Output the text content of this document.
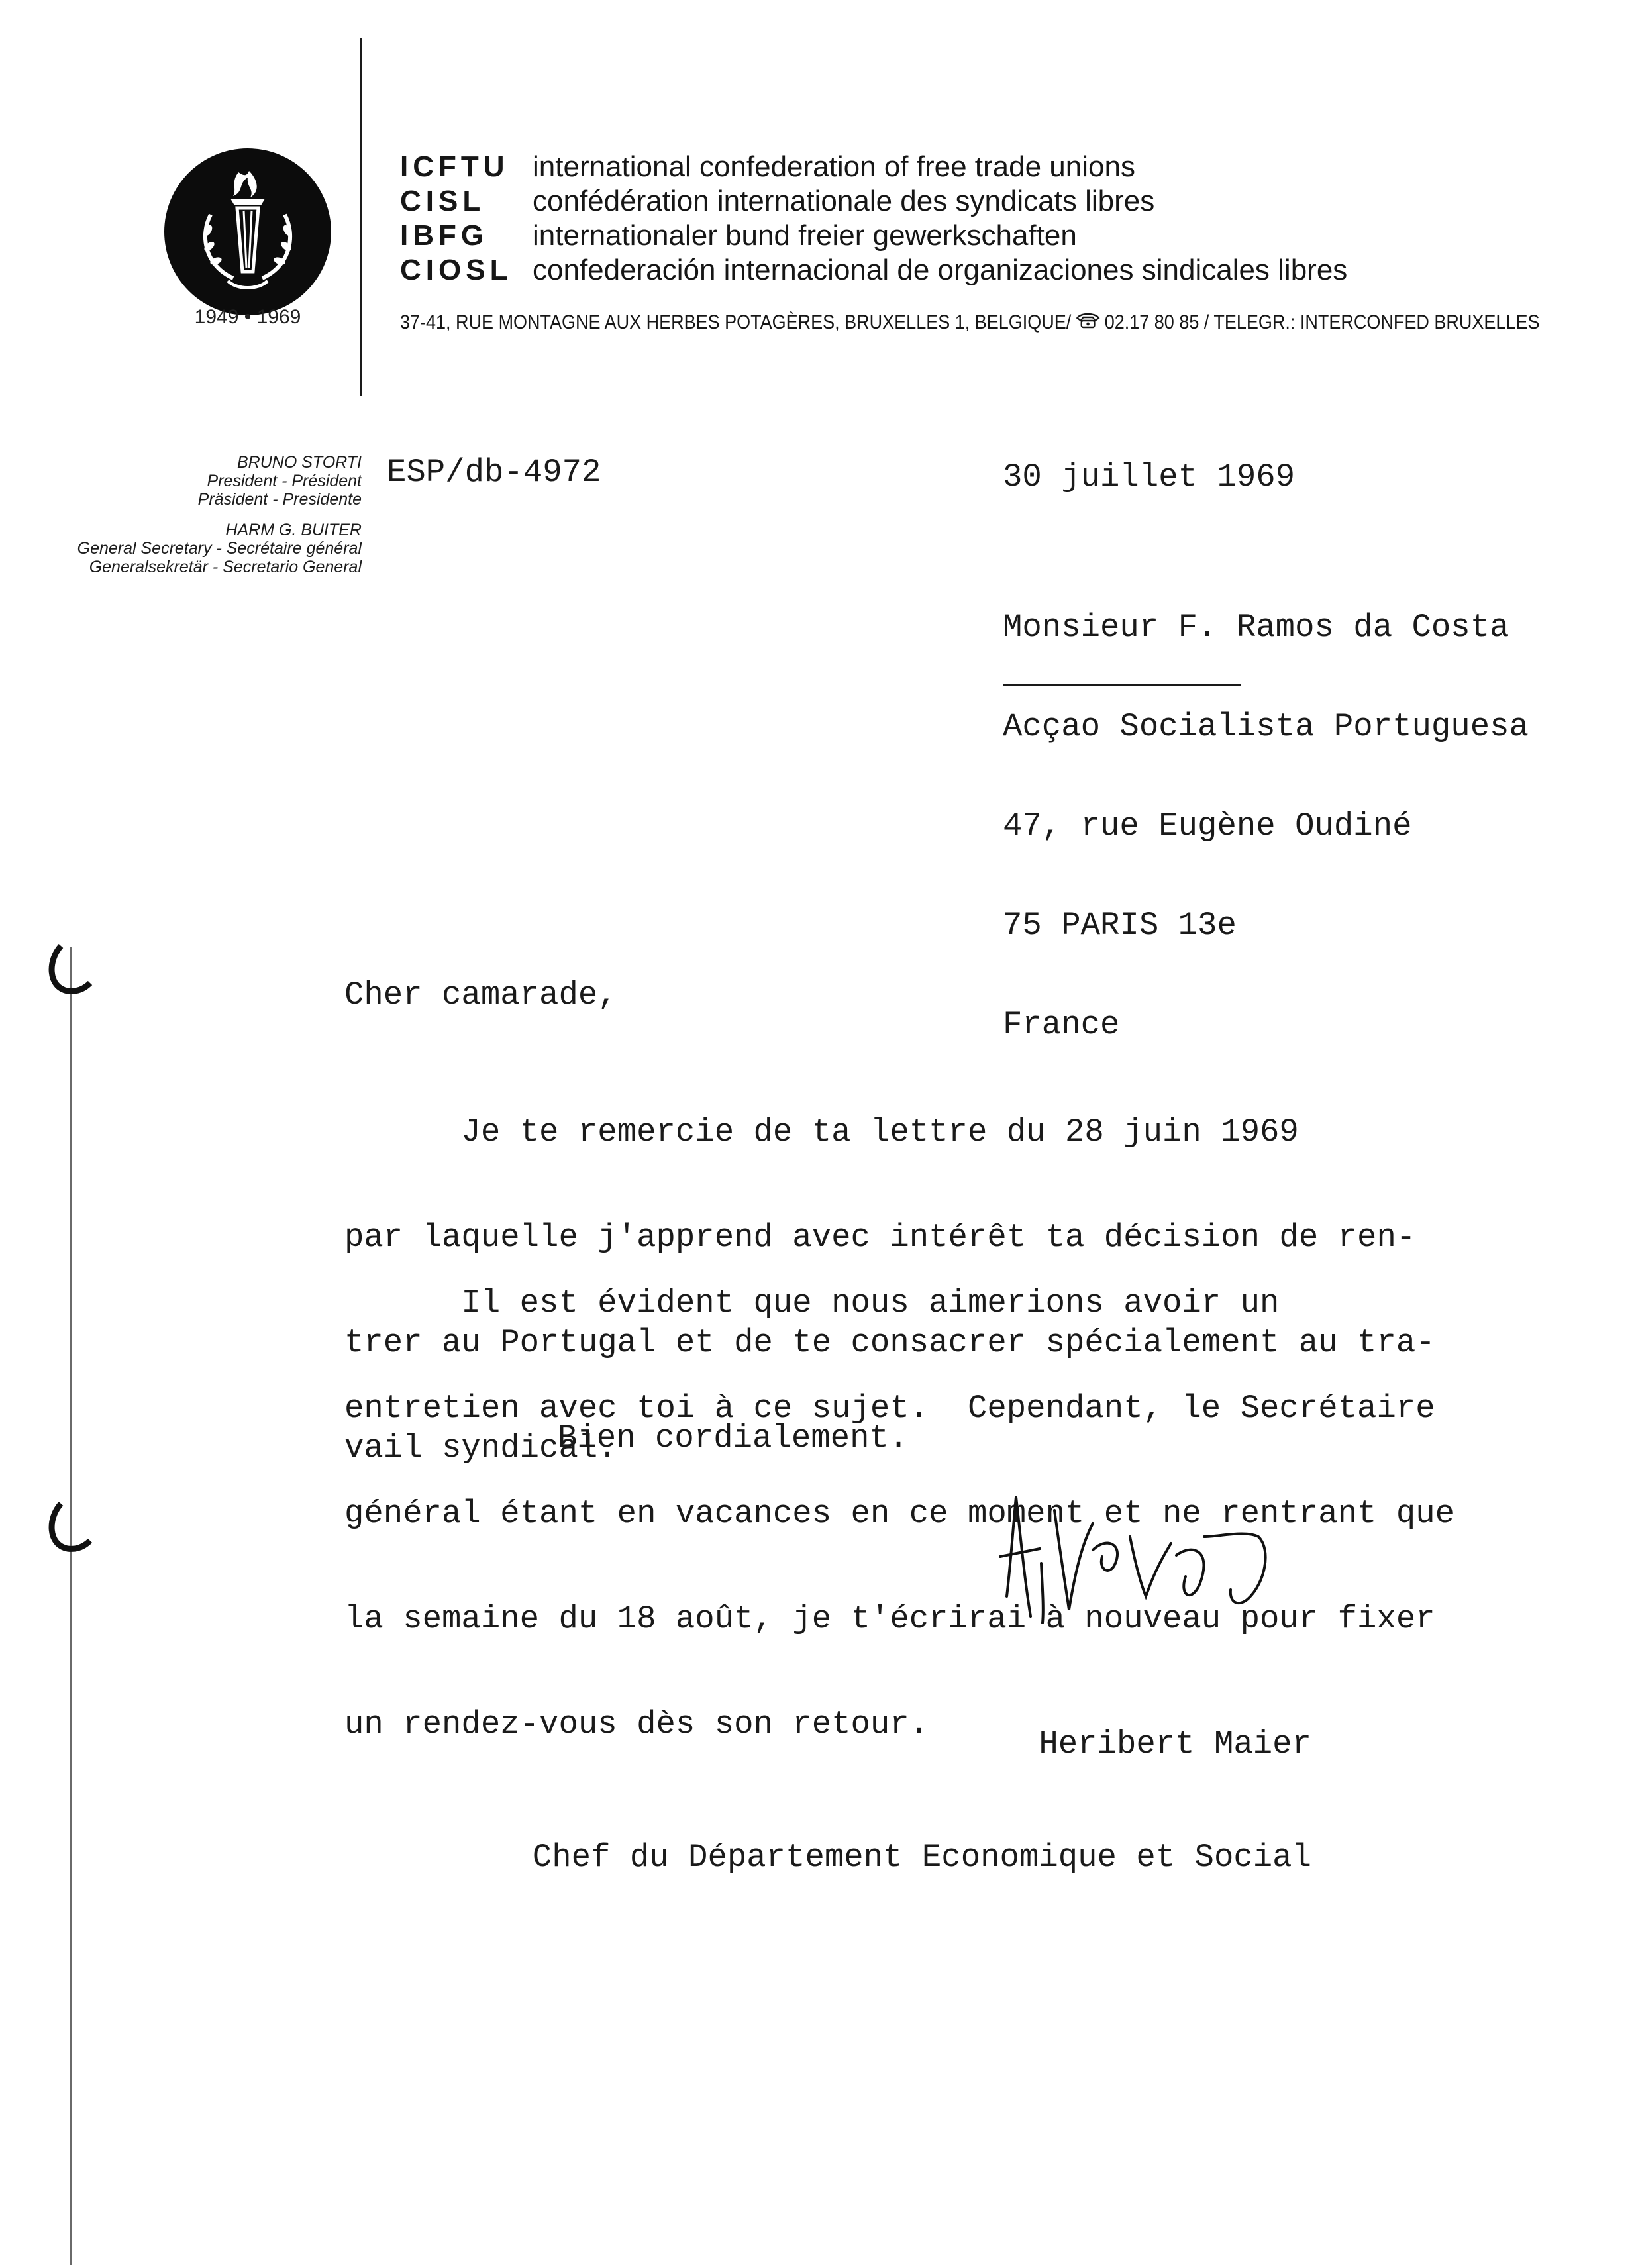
1949 • 1969
ICFTU international confederation of free trade unions
CISL confédération internationale des syndicats libres
IBFG internationaler bund freier gewerkschaften
CIOSL confederación internacional de organizaciones sindicales libres
37-41, RUE MONTAGNE AUX HERBES POTAGÈRES, BRUXELLES 1, BELGIQUE/ 02.17 80 85 / TELEGR.: INTERCONFED BRUXELLES
BRUNO STORTI
President - Président
Präsident - Presidente
HARM G. BUITER
General Secretary - Secrétaire général
Generalsekretär - Secretario General
ESP/db-4972	30 juillet 1969

Monsieur F. Ramos da Costa

Acçao Socialista Portuguesa

47, rue Eugène Oudiné

75 PARIS 13e

France

Cher camarade,

Je te remercie de ta lettre du 28 juin 1969

par laquelle j'apprend avec intérêt ta décision de ren-

trer au Portugal et de te consacrer spécialement au tra-

vail syndical.

Il est évident que nous aimerions avoir un

entretien avec toi à ce sujet.  Cependant, le Secrétaire

général étant en vacances en ce moment et ne rentrant que

la semaine du 18 août, je t'écrirai à nouveau pour fixer

un rendez-vous dès son retour.

Bien cordialement.

Heribert Maier

Chef du Département Economique et Social
